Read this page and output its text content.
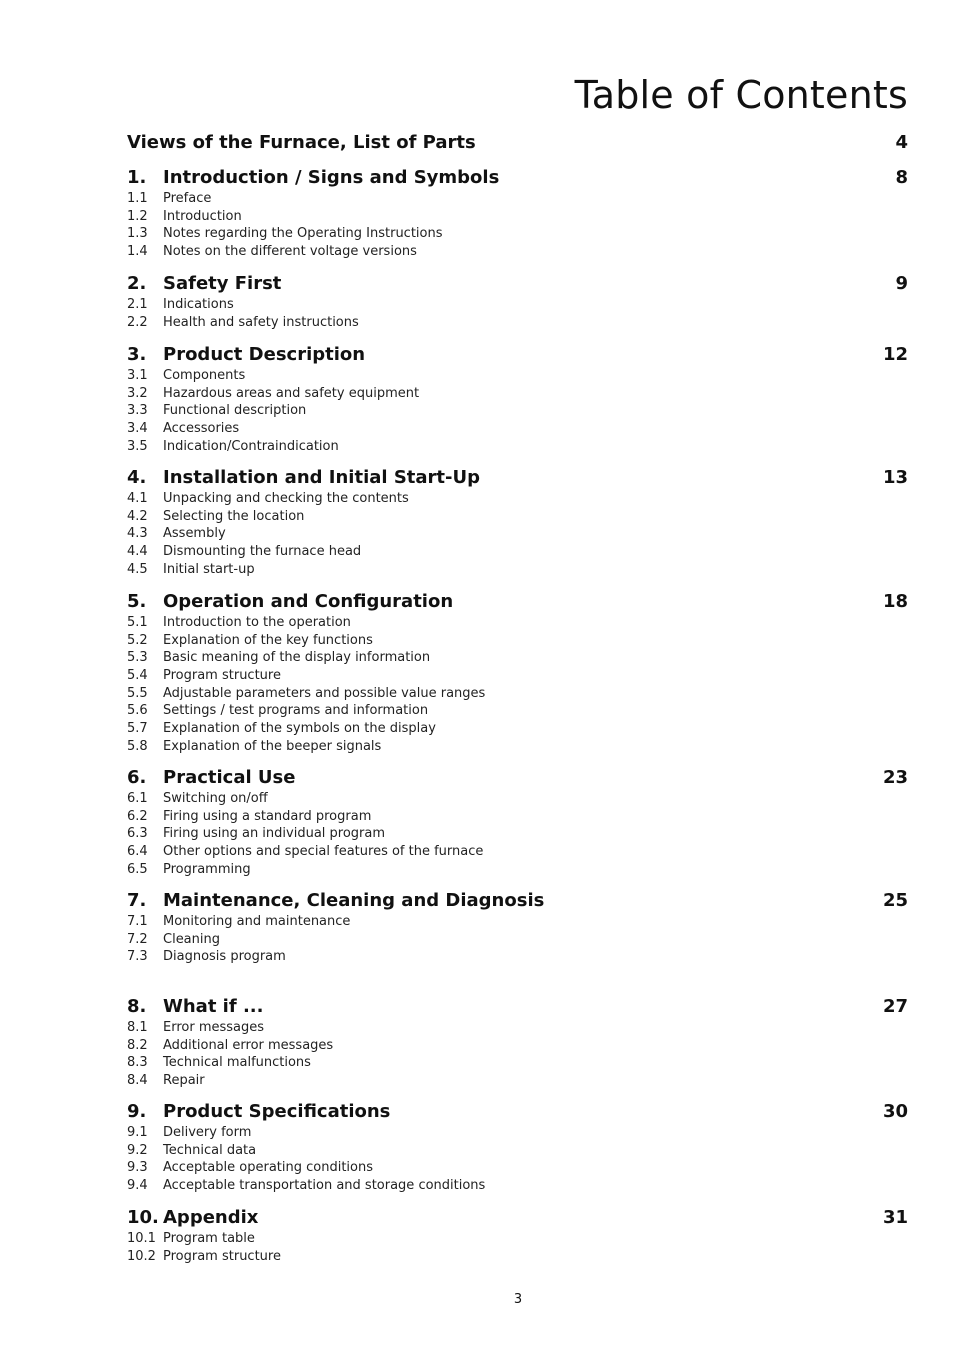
Table of Contents
Views of the Furnace, List of Parts	4
1. Introduction / Signs and Symbols	8
1.1 Preface
1.2 Introduction
1.3 Notes regarding the Operating Instructions
1.4 Notes on the different voltage versions
2. Safety First	9
2.1 Indications
2.2 Health and safety instructions
3. Product Description	12
3.1 Components
3.2 Hazardous areas and safety equipment
3.3 Functional description
3.4 Accessories
3.5 Indication/Contraindication
4. Installation and Initial Start-Up	13
4.1 Unpacking and checking the contents
4.2 Selecting the location
4.3 Assembly
4.4 Dismounting the furnace head
4.5 Initial start-up
5. Operation and Configuration	18
5.1 Introduction to the operation
5.2 Explanation of the key functions
5.3 Basic meaning of the display information
5.4 Program structure
5.5 Adjustable parameters and possible value ranges
5.6 Settings / test programs and information
5.7 Explanation of the symbols on the display
5.8 Explanation of the beeper signals
6. Practical Use	23
6.1 Switching on/off
6.2 Firing using a standard program
6.3 Firing using an individual program
6.4 Other options and special features of the furnace
6.5 Programming
7. Maintenance, Cleaning and Diagnosis	25
7.1 Monitoring and maintenance
7.2 Cleaning
7.3 Diagnosis program
8. What if ...	27
8.1 Error messages
8.2 Additional error messages
8.3 Technical malfunctions
8.4 Repair
9. Product Specifications	30
9.1 Delivery form
9.2 Technical data
9.3 Acceptable operating conditions
9.4 Acceptable transportation and storage conditions
10. Appendix	31
10.1 Program table
10.2 Program structure
3
